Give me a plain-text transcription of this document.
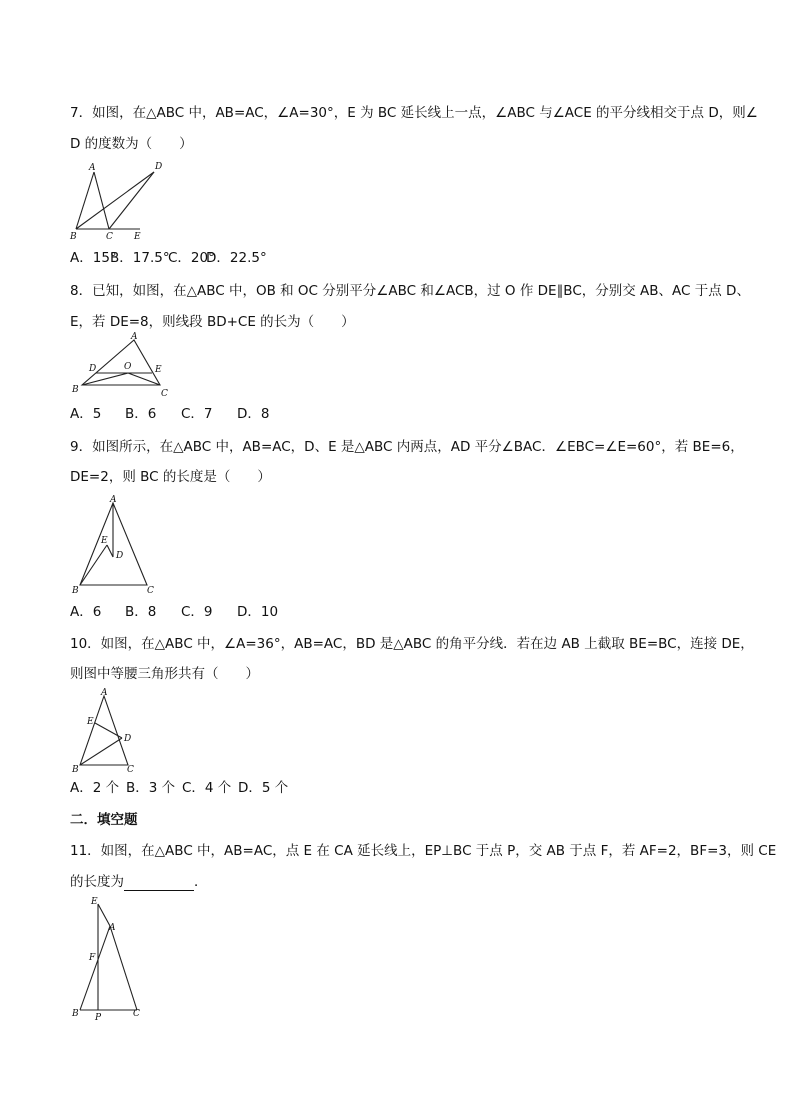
7．如图，在△ABC 中，AB=AC，∠A=30°，E 为 BC 延长线上一点，∠ABC 与∠ACE 的平分线相交于点 D，则∠
D 的度数为（　　）
A	D
B	C E
A．15°B．17.5°C．20°D．22.5°
8．已知，如图，在△ABC 中，OB 和 OC 分别平分∠ABC 和∠ACB，过 O 作 DE∥BC，分别交 AB、AC 于点 D、
E，若 DE=8，则线段 BD+CE 的长为（　　）
A
D	O	E
B	C
A．5 B．6 C．7 D．8
9．如图所示，在△ABC 中，AB=AC，D、E 是△ABC 内两点，AD 平分∠BAC．∠EBC=∠E=60°，若 BE=6，
DE=2，则 BC 的长度是（　　）
A
E
D
B	C
A．6 B．8 C．9 D．10
10．如图，在△ABC 中，∠A=36°，AB=AC，BD 是△ABC 的角平分线．若在边 AB 上截取 BE=BC，连接 DE，
则图中等腰三角形共有（　　）
A
E
D
B	C
A．2 个 B．3 个 C．4 个 D．5 个
二．填空题
11．如图，在△ABC 中，AB=AC，点 E 在 CA 延长线上，EP⊥BC 于点 P，交 AB 于点 F，若 AF=2，BF=3，则 CE
的长度为	．
E
A
F
B P	C
